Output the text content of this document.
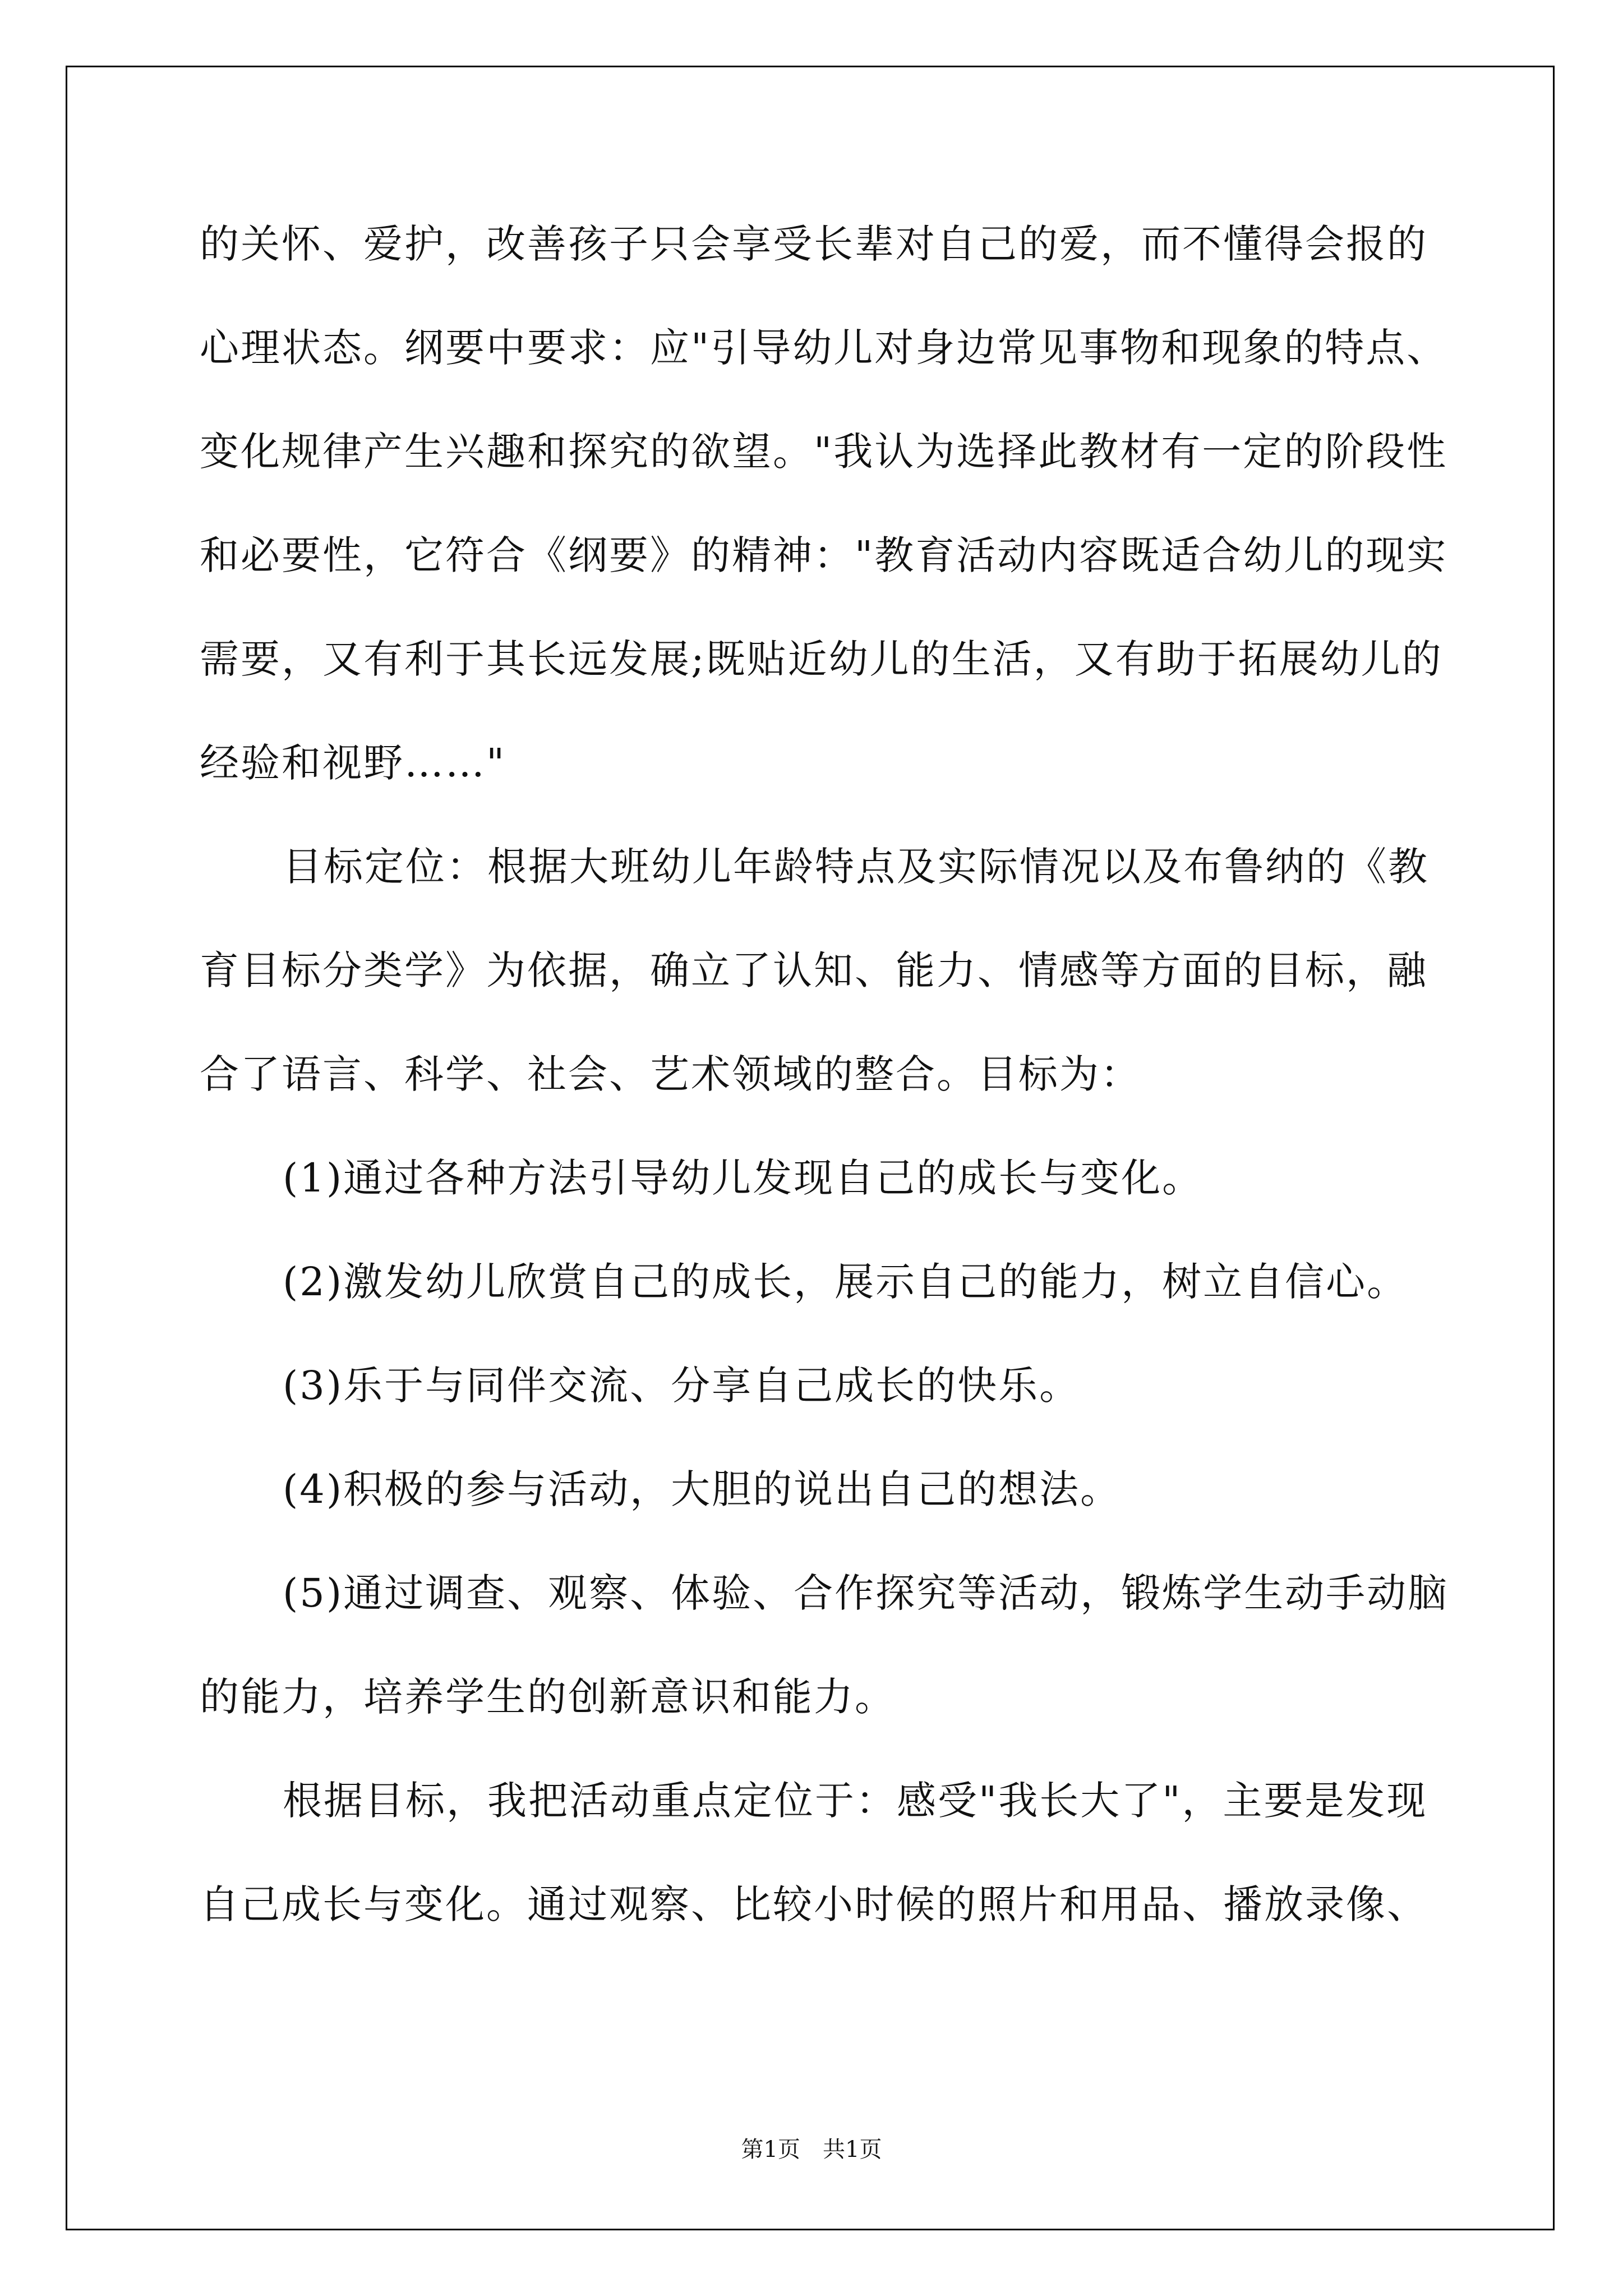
的关怀、爱护，改善孩子只会享受长辈对自己的爱，而不懂得会报的
心理状态。纲要中要求：应"引导幼儿对身边常见事物和现象的特点、
变化规律产生兴趣和探究的欲望。"我认为选择此教材有一定的阶段性
和必要性，它符合《纲要》的精神："教育活动内容既适合幼儿的现实
需要，又有利于其长远发展;既贴近幼儿的生活，又有助于拓展幼儿的
经验和视野……"
目标定位：根据大班幼儿年龄特点及实际情况以及布鲁纳的《教
育目标分类学》为依据，确立了认知、能力、情感等方面的目标，融
合了语言、科学、社会、艺术领域的整合。目标为：
(1)通过各种方法引导幼儿发现自己的成长与变化。
(2)激发幼儿欣赏自己的成长，展示自己的能力，树立自信心。
(3)乐于与同伴交流、分享自己成长的快乐。
(4)积极的参与活动，大胆的说出自己的想法。
(5)通过调查、观察、体验、合作探究等活动，锻炼学生动手动脑
的能力，培养学生的创新意识和能力。
根据目标，我把活动重点定位于：感受"我长大了"，主要是发现
自己成长与变化。通过观察、比较小时候的照片和用品、播放录像、
第1页　共1页
